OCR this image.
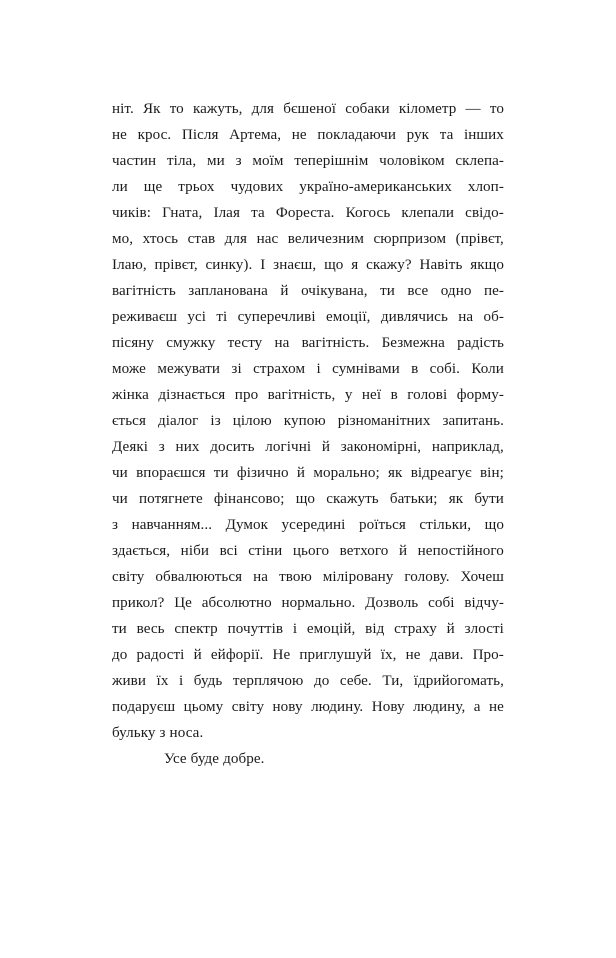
ніт. Як то кажуть, для бєшеної собаки кілометр — то
не крос. Після Артема, не покладаючи рук та інших
частин тіла, ми з моїм теперішнім чоловіком склепа-
ли ще трьох чудових україно-американських хлоп-
чиків: Гната, Ілая та Фореста. Когось клепали свідо-
мо, хтось став для нас величезним сюрпризом (прівєт,
Ілаю, прівєт, синку). І знаєш, що я скажу? Навіть якщо
вагітність запланована й очікувана, ти все одно пе-
реживаєш усі ті суперечливі емоції, дивлячись на об-
пісяну смужку тесту на вагітність. Безмежна радість
може межувати зі страхом і сумнівами в собі. Коли
жінка дізнається про вагітність, у неї в голові форму-
ється діалог із цілою купою різноманітних запитань.
Деякі з них досить логічні й закономірні, наприклад,
чи впораєшся ти фізично й морально; як відреагує він;
чи потягнете фінансово; що скажуть батьки; як бути
з навчанням... Думок усередині роїться стільки, що
здається, ніби всі стіни цього ветхого й непостійного
світу обвалюються на твою міліровану голову. Хочеш
прикол? Це абсолютно нормально. Дозволь собі відчу-
ти весь спектр почуттів і емоцій, від страху й злості
до радості й ейфорії. Не приглушуй їх, не дави. Про-
живи їх і будь терплячою до себе. Ти, їдрийогомать,
подаруєш цьому світу нову людину. Нову людину, а не
бульку з носа.
Усе буде добре.
